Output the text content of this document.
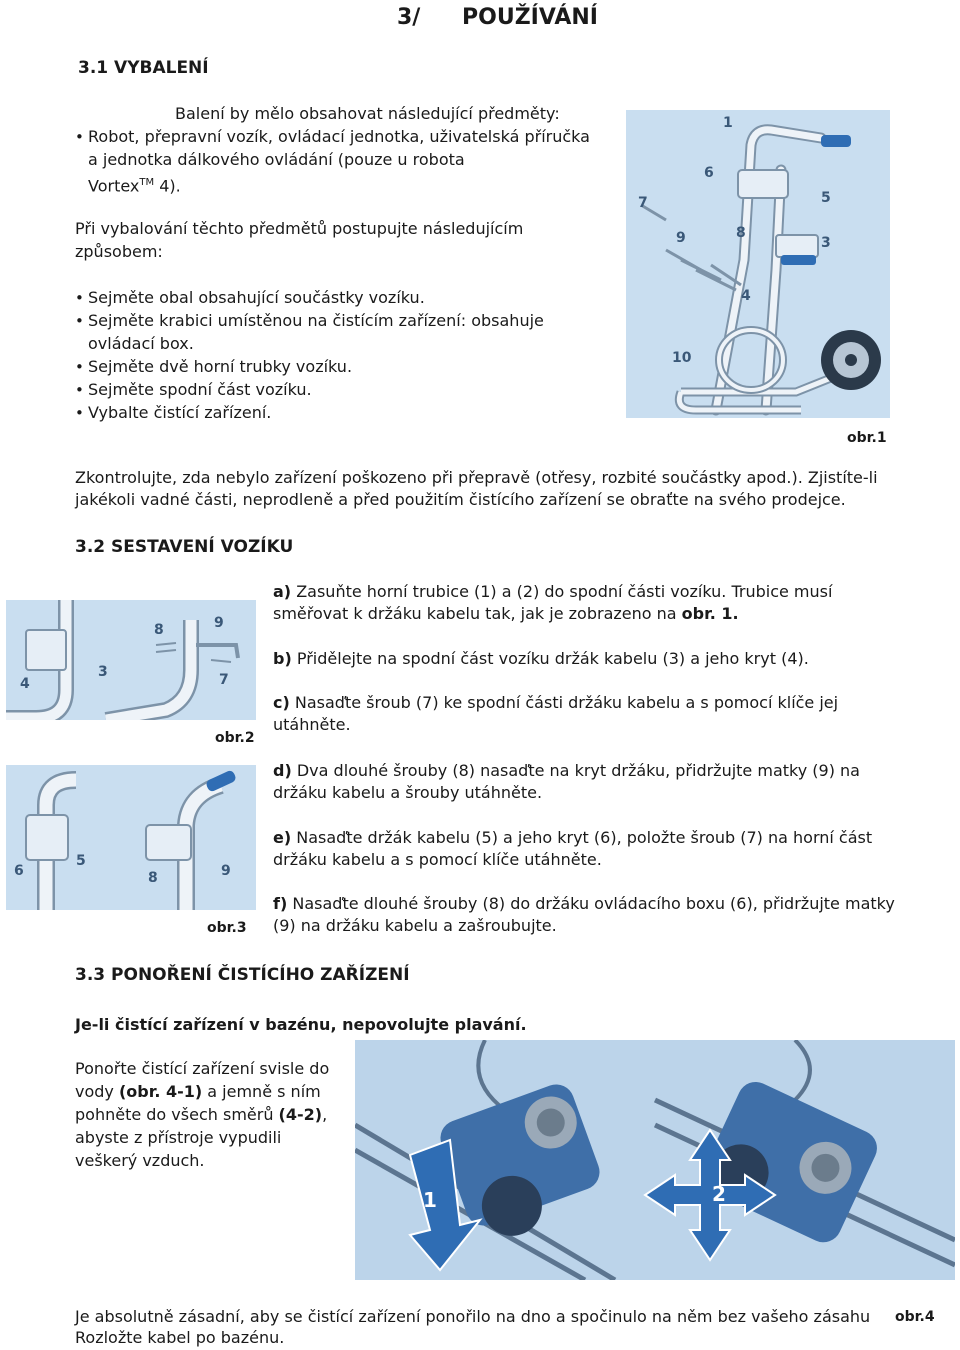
3/ POUŽÍVÁNÍ
3.1 VYBALENÍ
Balení by mělo obsahovat následující předměty:
• Robot, přepravní vozík, ovládací jednotka, uživatelská příručka
a jednotka dálkového ovládání (pouze u robota
Vortex™ 4).
Při vybalování těchto předmětů postupujte následujícím
způsobem:
• Sejměte obal obsahující součástky vozíku.
• Sejměte krabici umístěnou na čistícím zařízení: obsahuje
ovládací box.
• Sejměte dvě horní trubky vozíku.
• Sejměte spodní část vozíku.
• Vybalte čistící zařízení.
1
6
5
7
9	8
3
4
10
obr.1
Zkontrolujte, zda nebylo zařízení poškozeno při přepravě (otřesy, rozbité součástky apod.). Zjistíte-li
jakékoli vadné části, neprodleně a před použitím čistícího zařízení se obraťte na svého prodejce.
3.2 SESTAVENÍ VOZÍKU
8	9
4
3	7
obr.2
6
5
8	9
obr.3
a) Zasuňte horní trubice (1) a (2) do spodní části vozíku. Trubice musí
směřovat k držáku kabelu tak, jak je zobrazeno na obr. 1.
b) Přidělejte na spodní část vozíku držák kabelu (3) a jeho kryt (4).
c) Nasaďte šroub (7) ke spodní části držáku kabelu a s pomocí klíče jej
utáhněte.
d) Dva dlouhé šrouby (8) nasaďte na kryt držáku, přidržujte matky (9) na
držáku kabelu a šrouby utáhněte.
e) Nasaďte držák kabelu (5) a jeho kryt (6), položte šroub (7) na horní část
držáku kabelu a s pomocí klíče utáhněte.
f) Nasaďte dlouhé šrouby (8) do držáku ovládacího boxu (6), přidržujte matky
(9) na držáku kabelu a zašroubujte.
3.3 PONOŘENÍ ČISTÍCÍHO ZAŘÍZENÍ
Je-li čistící zařízení v bazénu, nepovolujte plavání.
Ponořte čistící zařízení svisle do
vody (obr. 4-1) a jemně s ním
pohněte do všech směrů (4-2),
abyste z přístroje vypudili
veškerý vzduch.
1	2
Je absolutně zásadní, aby se čistící zařízení ponořilo na dno a spočinulo na něm bez vašeho zásahu
Rozložte kabel po bazénu.
obr.4
